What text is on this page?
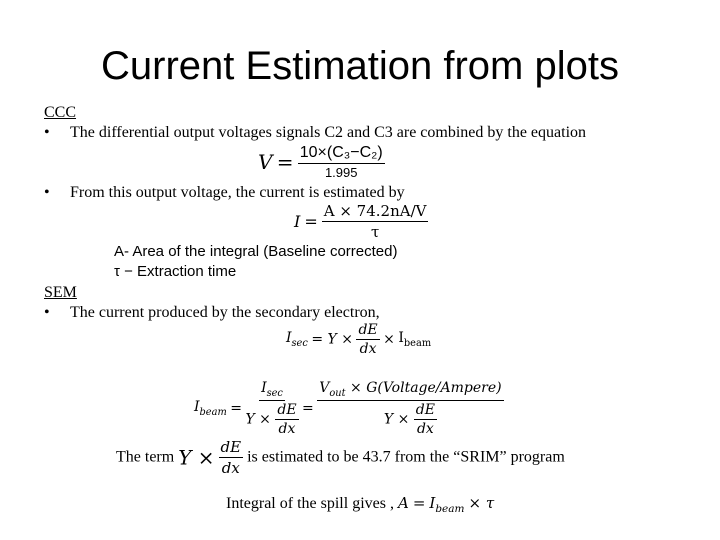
Current Estimation from plots
CCC
• The differential output voltages signals C2 and C3 are combined by the equation
$V = \frac{\text{10×(C₃−C₂)}}{1.995}$
• From this output voltage, the current is estimated by
$I = \frac{A \times 74.2nA/V}{\tau}$
A- Area of the integral (Baseline corrected)
τ − Extraction time
SEM
• The current produced by the secondary electron,
$I_{sec} = Y \times \frac{dE}{dx} \times I_{beam}$
$I_{beam} = \frac{I_{sec}}{Y \times \frac{dE}{dx}} = \frac{V_{out} \times G(Voltage/Ampere)}{Y \times \frac{dE}{dx}}$
The term $Y \times \frac{dE}{dx}$ is estimated to be 43.7 from the “SRIM” program
Integral of the spill gives , $A = I_{beam} \times \tau$
